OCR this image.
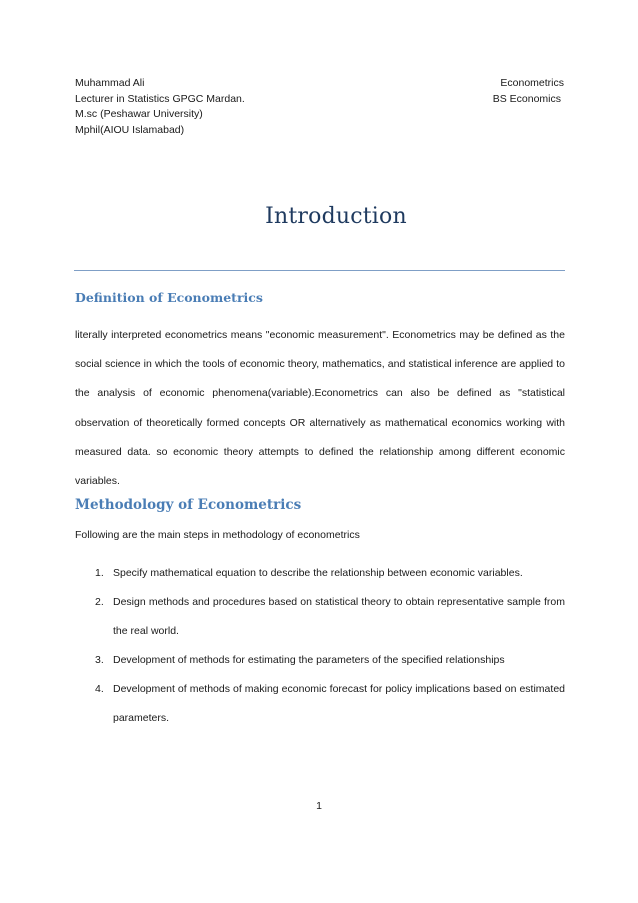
Muhammad Ali
Lecturer in Statistics GPGC Mardan.
M.sc (Peshawar University)
Mphil(AIOU Islamabad)
Econometrics
BS Economics
Introduction
Definition of Econometrics
literally interpreted econometrics means "economic measurement". Econometrics may be defined as the social science in which the tools of economic theory, mathematics, and statistical inference are applied to the analysis of economic phenomena(variable).Econometrics can also be defined as "statistical observation of theoretically formed concepts OR alternatively as mathematical economics working with measured data. so economic theory attempts to defined the relationship among different economic variables.
Methodology of Econometrics
Following are the main steps in methodology of econometrics
1. Specify mathematical equation to describe the relationship between economic variables.
2. Design methods and procedures based on statistical theory to obtain representative sample from the real world.
3. Development of methods for estimating the parameters of the specified relationships
4. Development of methods of making economic forecast for policy implications based on estimated parameters.
1
